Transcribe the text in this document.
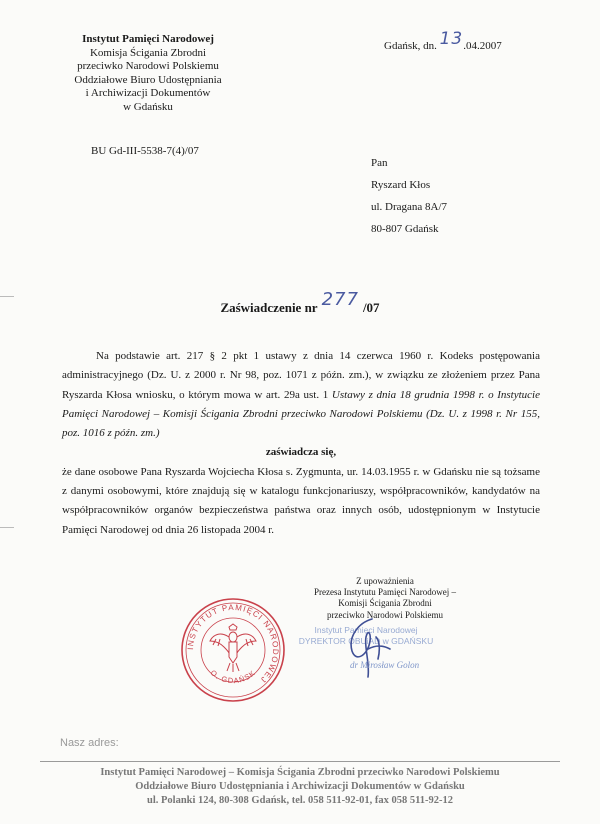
Instytut Pamięci Narodowej
Komisja Ścigania Zbrodni
przeciwko Narodowi Polskiemu
Oddziałowe Biuro Udostępniania
i Archiwizacji Dokumentów
w Gdańsku
Gdańsk, dn. 13.04.2007
BU Gd-III-5538-7(4)/07
Pan
Ryszard Kłos
ul. Dragana 8A/7
80-807 Gdańsk
Zaświadczenie nr 277 /07

Na podstawie art. 217 § 2 pkt 1 ustawy z dnia 14 czerwca 1960 r. Kodeks postępowania administracyjnego (Dz. U. z 2000 r. Nr 98, poz. 1071 z późn. zm.), w związku ze złożeniem przez Pana Ryszarda Kłosa wniosku, o którym mowa w art. 29a ust. 1 Ustawy z dnia 18 grudnia 1998 r. o Instytucie Pamięci Narodowej – Komisji Ścigania Zbrodni przeciwko Narodowi Polskiemu (Dz. U. z 1998 r. Nr 155, poz. 1016 z późn. zm.)

zaświadcza się,

że dane osobowe Pana Ryszarda Wojciecha Kłosa s. Zygmunta, ur. 14.03.1955 r. w Gdańsku nie są tożsame z danymi osobowymi, które znajdują się w katalogu funkcjonariuszy, współpracowników, kandydatów na współpracowników organów bezpieczeństwa państwa oraz innych osób, udostępnionym w Instytucie Pamięci Narodowej od dnia 26 listopada 2004 r.

INSTYTUT PAMIĘCI NARODOWEJ
O. GDAŃSK
Z upoważnienia
Prezesa Instytutu Pamięci Narodowej –
Komisji Ścigania Zbrodni
przeciwko Narodowi Polskiemu
Instytut Pamięci Narodowej
DYREKTOR OBUiAD w GDAŃSKU
dr Mirosław Golon
Nasz adres:
Instytut Pamięci Narodowej – Komisja Ścigania Zbrodni przeciwko Narodowi Polskiemu
Oddziałowe Biuro Udostępniania i Archiwizacji Dokumentów w Gdańsku
ul. Polanki 124, 80-308 Gdańsk, tel. 058 511-92-01, fax 058 511-92-12
